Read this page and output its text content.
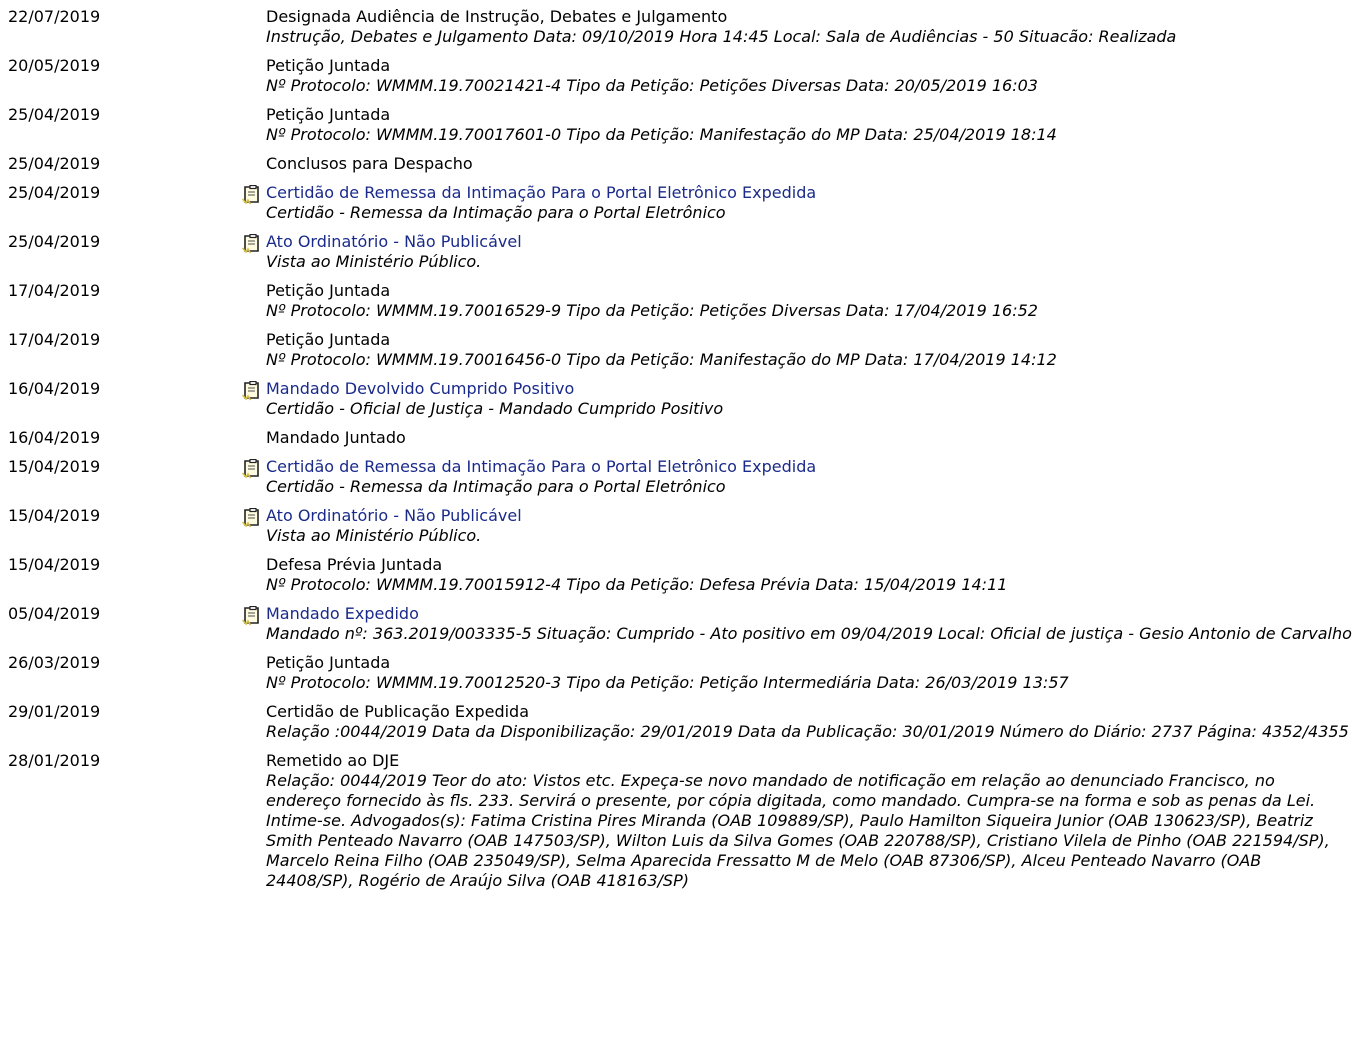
22/07/2019	Designada Audiência de Instrução, Debates e Julgamento
Instrução, Debates e Julgamento Data: 09/10/2019 Hora 14:45 Local: Sala de Audiências - 50 Situacão: Realizada
20/05/2019	Petição Juntada
Nº Protocolo: WMMM.19.70021421-4 Tipo da Petição: Petições Diversas Data: 20/05/2019 16:03
25/04/2019	Petição Juntada
Nº Protocolo: WMMM.19.70017601-0 Tipo da Petição: Manifestação do MP Data: 25/04/2019 18:14
25/04/2019	Conclusos para Despacho
25/04/2019	Certidão de Remessa da Intimação Para o Portal Eletrônico Expedida
Certidão - Remessa da Intimação para o Portal Eletrônico
25/04/2019	Ato Ordinatório - Não Publicável
Vista ao Ministério Público.
17/04/2019	Petição Juntada
Nº Protocolo: WMMM.19.70016529-9 Tipo da Petição: Petições Diversas Data: 17/04/2019 16:52
17/04/2019	Petição Juntada
Nº Protocolo: WMMM.19.70016456-0 Tipo da Petição: Manifestação do MP Data: 17/04/2019 14:12
16/04/2019	Mandado Devolvido Cumprido Positivo
Certidão - Oficial de Justiça - Mandado Cumprido Positivo
16/04/2019	Mandado Juntado
15/04/2019	Certidão de Remessa da Intimação Para o Portal Eletrônico Expedida
Certidão - Remessa da Intimação para o Portal Eletrônico
15/04/2019	Ato Ordinatório - Não Publicável
Vista ao Ministério Público.
15/04/2019	Defesa Prévia Juntada
Nº Protocolo: WMMM.19.70015912-4 Tipo da Petição: Defesa Prévia Data: 15/04/2019 14:11
05/04/2019	Mandado Expedido
Mandado nº: 363.2019/003335-5 Situação: Cumprido - Ato positivo em 09/04/2019 Local: Oficial de justiça - Gesio Antonio de Carvalho
26/03/2019	Petição Juntada
Nº Protocolo: WMMM.19.70012520-3 Tipo da Petição: Petição Intermediária Data: 26/03/2019 13:57
29/01/2019	Certidão de Publicação Expedida
Relação :0044/2019 Data da Disponibilização: 29/01/2019 Data da Publicação: 30/01/2019 Número do Diário: 2737 Página: 4352/4355
28/01/2019	Remetido ao DJE
Relação: 0044/2019 Teor do ato: Vistos etc. Expeça-se novo mandado de notificação em relação ao denunciado Francisco, no endereço fornecido às fls. 233. Servirá o presente, por cópia digitada, como mandado. Cumpra-se na forma e sob as penas da Lei. Intime-se. Advogados(s): Fatima Cristina Pires Miranda (OAB 109889/SP), Paulo Hamilton Siqueira Junior (OAB 130623/SP), Beatriz Smith Penteado Navarro (OAB 147503/SP), Wilton Luis da Silva Gomes (OAB 220788/SP), Cristiano Vilela de Pinho (OAB 221594/SP), Marcelo Reina Filho (OAB 235049/SP), Selma Aparecida Fressatto M de Melo (OAB 87306/SP), Alceu Penteado Navarro (OAB 24408/SP), Rogério de Araújo Silva (OAB 418163/SP)
